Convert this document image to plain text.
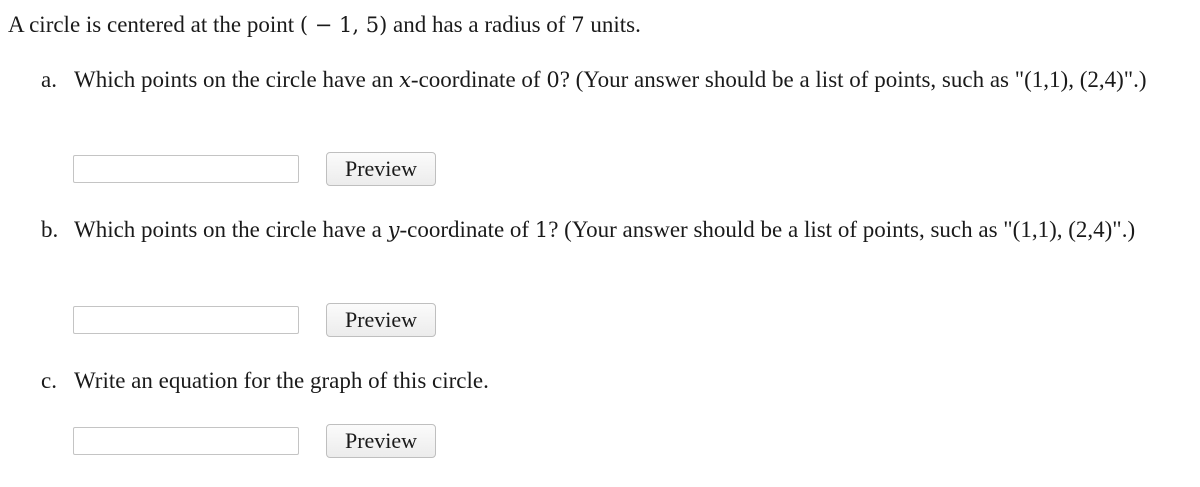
A circle is centered at the point ( − 1, 5) and has a radius of 7 units.
a. Which points on the circle have an x-coordinate of 0? (Your answer should be a list of points, such as "(1,1), (2,4)".)
Preview
b. Which points on the circle have a y-coordinate of 1? (Your answer should be a list of points, such as "(1,1), (2,4)".)
Preview
c. Write an equation for the graph of this circle.
Preview
